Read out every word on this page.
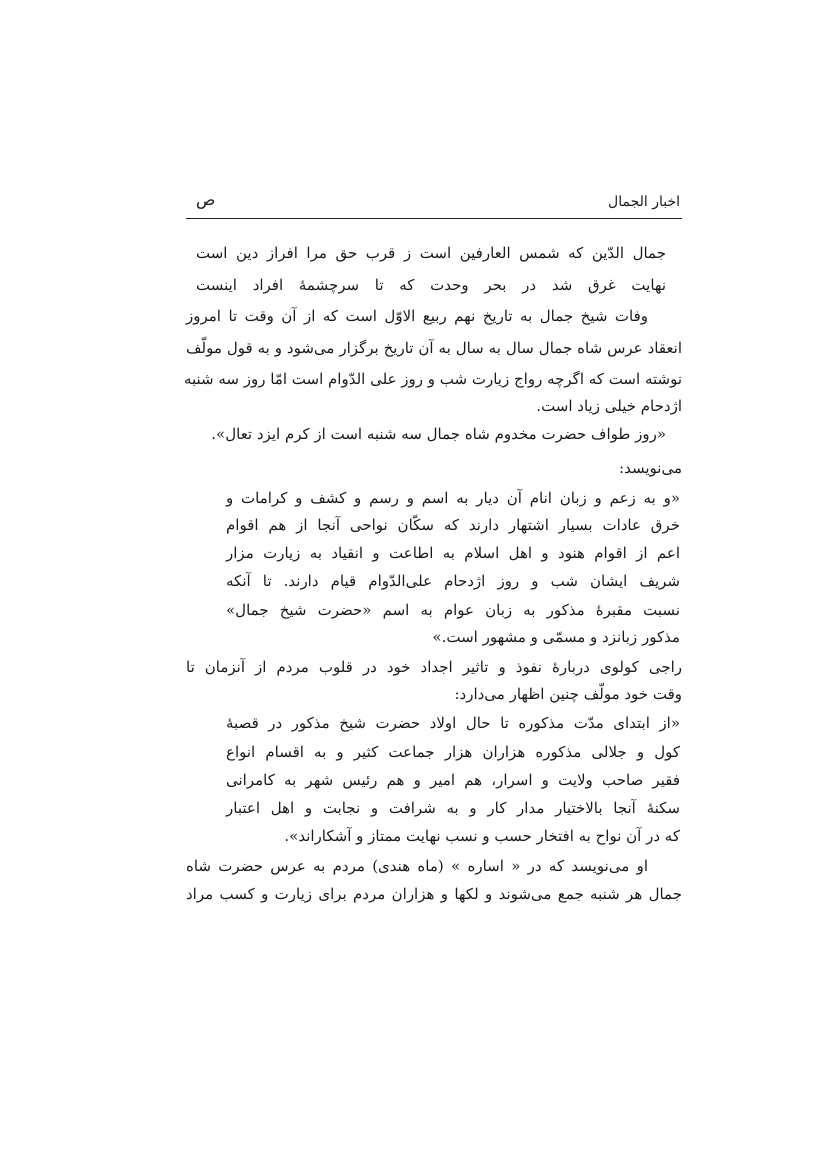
اخبار الجمال
ص
جمال الدّین که شمس العارفین است ز قرب حق مرا افراز دین است
نهایت غرق شد در بحر وحدت که تا سرچشمهٔ افراد اینست
وفات شیخ جمال به تاریخ نهم ربیع الاوّل است که از آن وقت تا امروز
انعقاد عرس شاه جمال سال به سال به آن تاریخ برگزار می‌شود و به قول مولّف
نوشته است که اگرچه رواج زیارت شب و روز علی الدّوام است امّا روز سه شنبه
اژدحام خیلی زیاد است.
«روز طواف حضرت مخدوم شاه جمال سه شنبه است از کرم ایزد تعال».
می‌نویسد:
«و به زعم و زبان انام آن دیار به اسم و رسم و کشف و کرامات و
خرق عادات بسیار اشتهار دارند که سکّان نواحی آنجا از هم اقوام
اعم از اقوام هنود و اهل اسلام به اطاعت و انقیاد به زیارت مزار
شریف ایشان شب و روز اژدحام علی‌الدّوام قیام دارند. تا آنکه
نسبت مقبرهٔ مذکور به زبان عوام به اسم «حضرت شیخ جمال»
مذکور زبانزد و مسمّی و مشهور است.»
راجی کولوی دربارهٔ نفوذ و تاثیر اجداد خود در قلوب مردم از آنزمان تا
وقت خود مولّف چنین اظهار می‌دارد:
«از ابتدای مدّت مذکوره تا حال اولاد حضرت شیخ مذکور در قصبهٔ
کول و جلالی مذکوره هزاران هزار جماعت کثیر و به اقسام انواع
فقیر صاحب ولایت و اسرار، هم امیر و هم رئیس شهر به کامرانی
سکنهٔ آنجا بالاختیار مدار کار و به شرافت و نجابت و اهل اعتبار
که در آن نواح به افتخار حسب و نسب نهایت ممتاز و آشکاراند».
او می‌نویسد که در « اساره » (ماه هندی) مردم به عرس حضرت شاه
جمال هر شنبه جمع می‌شوند و لکها و هزاران مردم برای زیارت و کسب مراد
